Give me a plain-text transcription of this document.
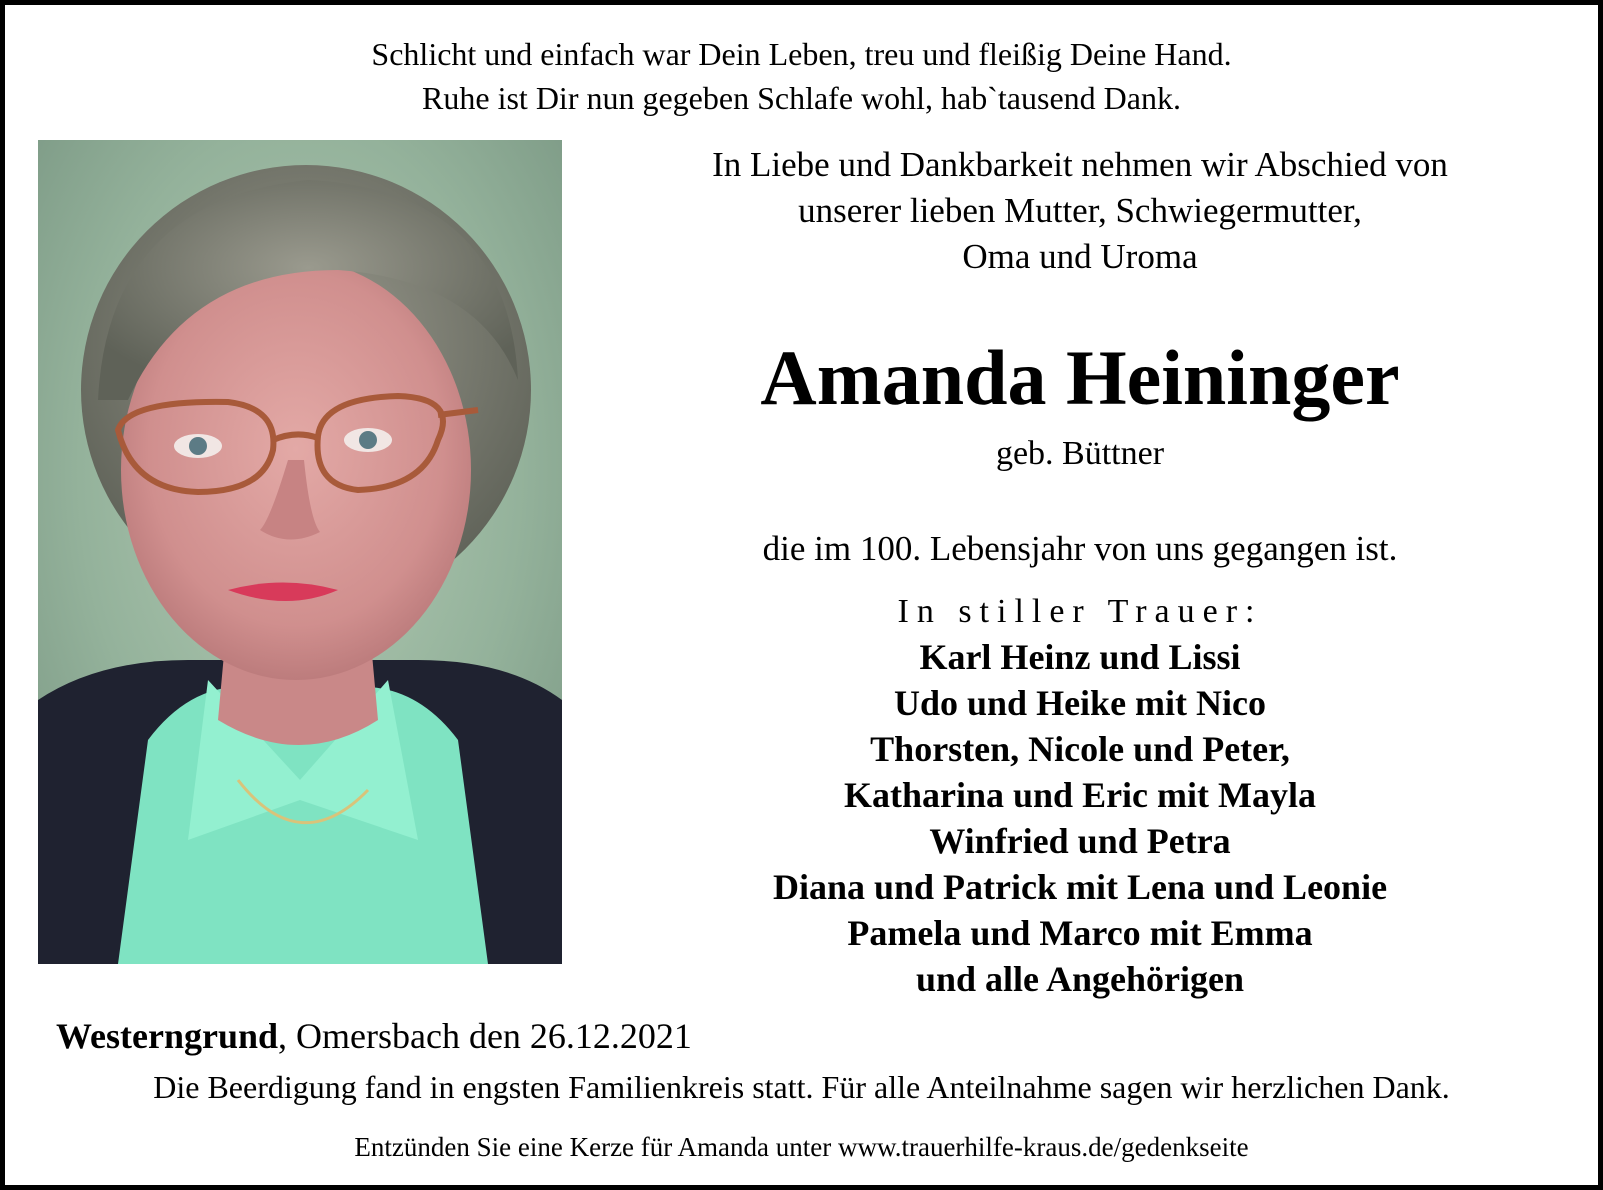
Schlicht und einfach war Dein Leben, treu und fleißig Deine Hand.
Ruhe ist Dir nun gegeben Schlafe wohl, hab`tausend Dank.
In Liebe und Dankbarkeit nehmen wir Abschied von
unserer lieben Mutter, Schwiegermutter,
Oma und Uroma
Amanda Heininger
geb. Büttner
die im 100. Lebensjahr von uns gegangen ist.
In stiller Trauer:
Karl Heinz und Lissi
Udo und Heike mit Nico
Thorsten, Nicole und Peter,
Katharina und Eric mit Mayla
Winfried und Petra
Diana und Patrick mit Lena und Leonie
Pamela und Marco mit Emma
und alle Angehörigen
Westerngrund, Omersbach den 26.12.2021
Die Beerdigung fand in engsten Familienkreis statt. Für alle Anteilnahme sagen wir herzlichen Dank.
Entzünden Sie eine Kerze für Amanda unter www.trauerhilfe-kraus.de/gedenkseite
